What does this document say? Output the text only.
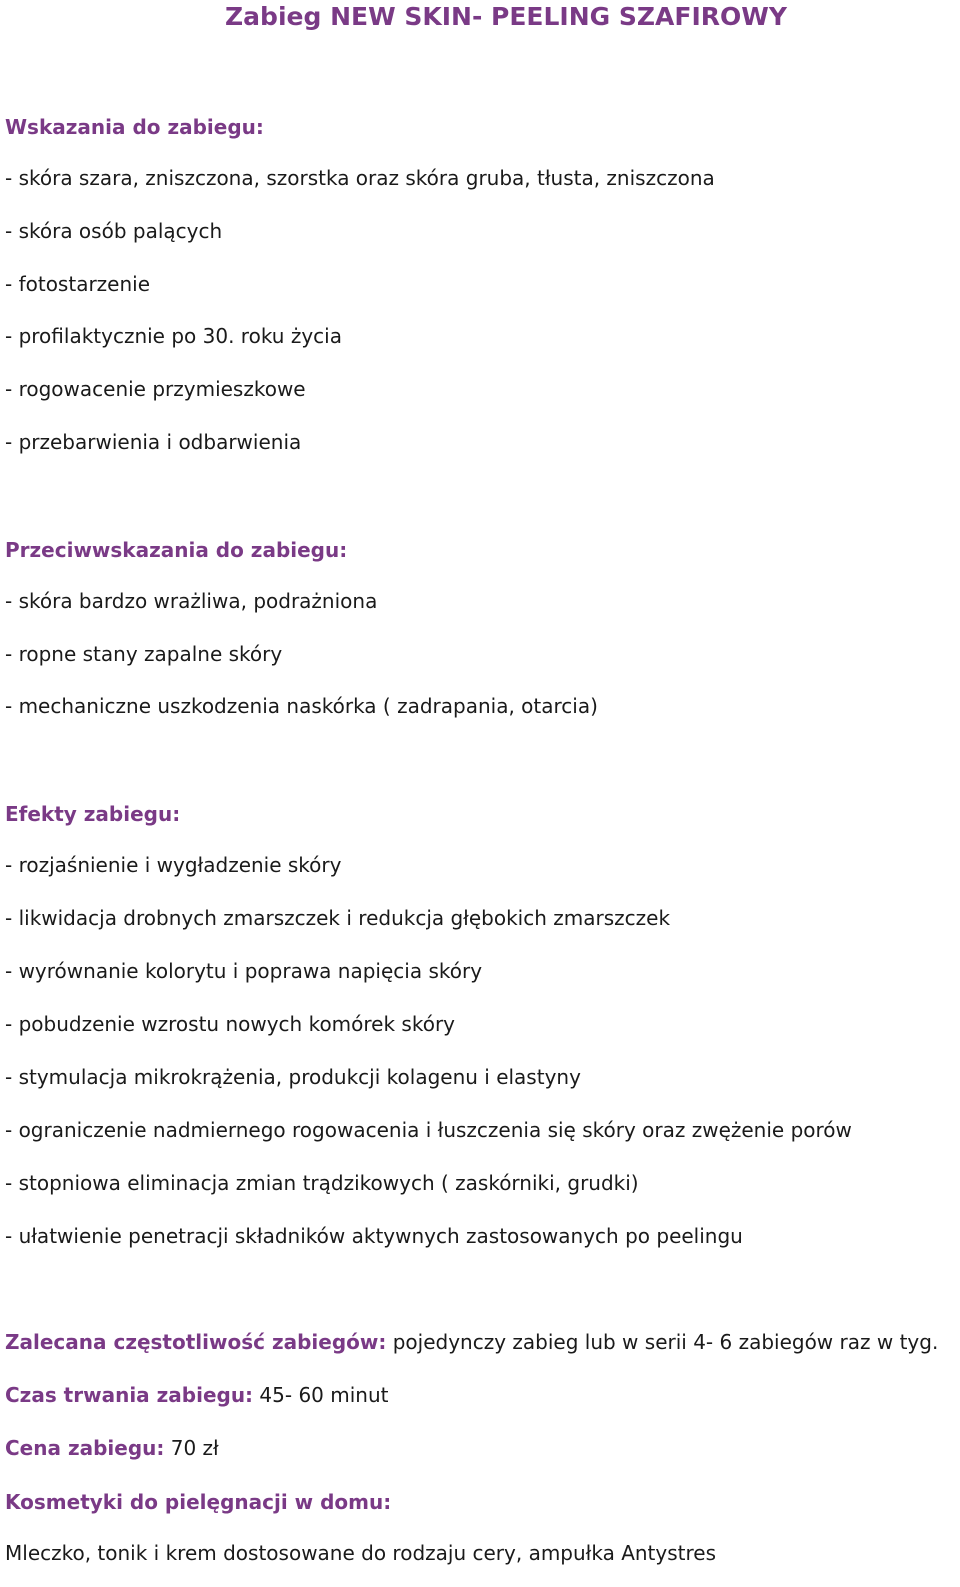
Zabieg NEW SKIN- PEELING SZAFIROWY
Wskazania do zabiegu:
- skóra szara, zniszczona, szorstka oraz skóra gruba, tłusta, zniszczona
- skóra osób palących
- fotostarzenie
- profilaktycznie po 30. roku życia
- rogowacenie przymieszkowe
- przebarwienia i odbarwienia
Przeciwwskazania do zabiegu:
- skóra bardzo wrażliwa, podrażniona
- ropne stany zapalne skóry
- mechaniczne uszkodzenia naskórka ( zadrapania, otarcia)
Efekty zabiegu:
- rozjaśnienie i wygładzenie skóry
- likwidacja drobnych zmarszczek i redukcja głębokich zmarszczek
- wyrównanie kolorytu i poprawa napięcia skóry
- pobudzenie wzrostu nowych komórek skóry
- stymulacja mikrokrążenia, produkcji kolagenu i elastyny
- ograniczenie nadmiernego rogowacenia i łuszczenia się skóry oraz zwężenie porów
- stopniowa eliminacja zmian trądzikowych ( zaskórniki, grudki)
- ułatwienie penetracji składników aktywnych zastosowanych po peelingu
Zalecana częstotliwość zabiegów: pojedynczy zabieg lub w serii 4- 6 zabiegów raz w tyg.
Czas trwania zabiegu: 45- 60 minut
Cena zabiegu: 70 zł
Kosmetyki do pielęgnacji w domu:
Mleczko, tonik i krem dostosowane do rodzaju cery, ampułka Antystres
